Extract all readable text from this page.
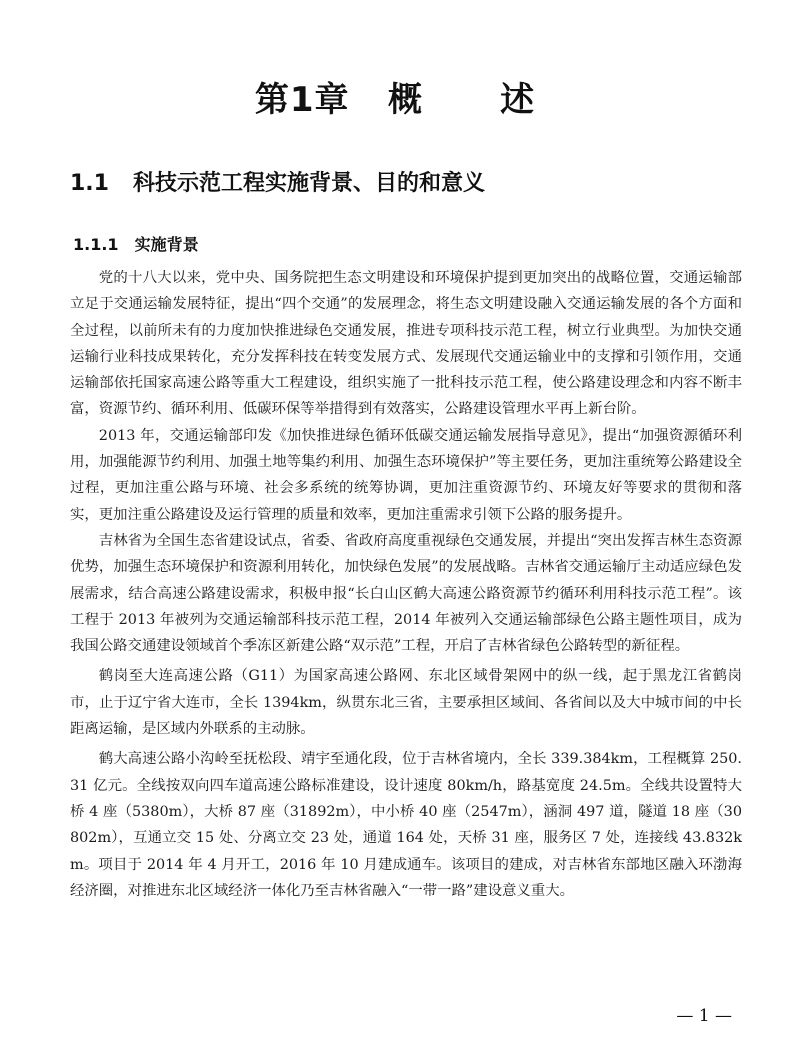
第1章   概      述
1.1 科技示范工程实施背景、目的和意义
1.1.1 实施背景

党的十八大以来，党中央、国务院把生态文明建设和环境保护提到更加突出的战略位置，交通运输部立足于交通运输发展特征，提出“四个交通”的发展理念，将生态文明建设融入交通运输发展的各个方面和全过程，以前所未有的力度加快推进绿色交通发展，推进专项科技示范工程，树立行业典型。为加快交通运输行业科技成果转化，充分发挥科技在转变发展方式、发展现代交通运输业中的支撑和引领作用，交通运输部依托国家高速公路等重大工程建设，组织实施了一批科技示范工程，使公路建设理念和内容不断丰富，资源节约、循环利用、低碳环保等举措得到有效落实，公路建设管理水平再上新台阶。

2013 年，交通运输部印发《加快推进绿色循环低碳交通运输发展指导意见》，提出“加强资源循环利用，加强能源节约利用、加强土地等集约利用、加强生态环境保护”等主要任务，更加注重统筹公路建设全过程，更加注重公路与环境、社会多系统的统筹协调，更加注重资源节约、环境友好等要求的贯彻和落实，更加注重公路建设及运行管理的质量和效率，更加注重需求引领下公路的服务提升。

吉林省为全国生态省建设试点，省委、省政府高度重视绿色交通发展，并提出“突出发挥吉林生态资源优势，加强生态环境保护和资源利用转化，加快绿色发展”的发展战略。吉林省交通运输厅主动适应绿色发展需求，结合高速公路建设需求，积极申报“长白山区鹤大高速公路资源节约循环利用科技示范工程”。该工程于 2013 年被列为交通运输部科技示范工程，2014 年被列入交通运输部绿色公路主题性项目，成为我国公路交通建设领域首个季冻区新建公路“双示范”工程，开启了吉林省绿色公路转型的新征程。

鹤岗至大连高速公路（G11）为国家高速公路网、东北区域骨架网中的纵一线，起于黑龙江省鹤岗市，止于辽宁省大连市，全长 1394km，纵贯东北三省，主要承担区域间、各省间以及大中城市间的中长距离运输，是区域内外联系的主动脉。

鹤大高速公路小沟岭至抚松段、靖宇至通化段，位于吉林省境内，全长 339.384km，工程概算 250.31 亿元。全线按双向四车道高速公路标准建设，设计速度 80km/h，路基宽度 24.5m。全线共设置特大桥 4 座（5380m），大桥 87 座（31892m），中小桥 40 座（2547m），涵洞 497 道，隧道 18 座（30802m），互通立交 15 处、分离立交 23 处，通道 164 处，天桥 31 座，服务区 7 处，连接线 43.832km。项目于 2014 年 4 月开工，2016 年 10 月建成通车。该项目的建成，对吉林省东部地区融入环渤海经济圈，对推进东北区域经济一体化乃至吉林省融入“一带一路”建设意义重大。

— 1 —
